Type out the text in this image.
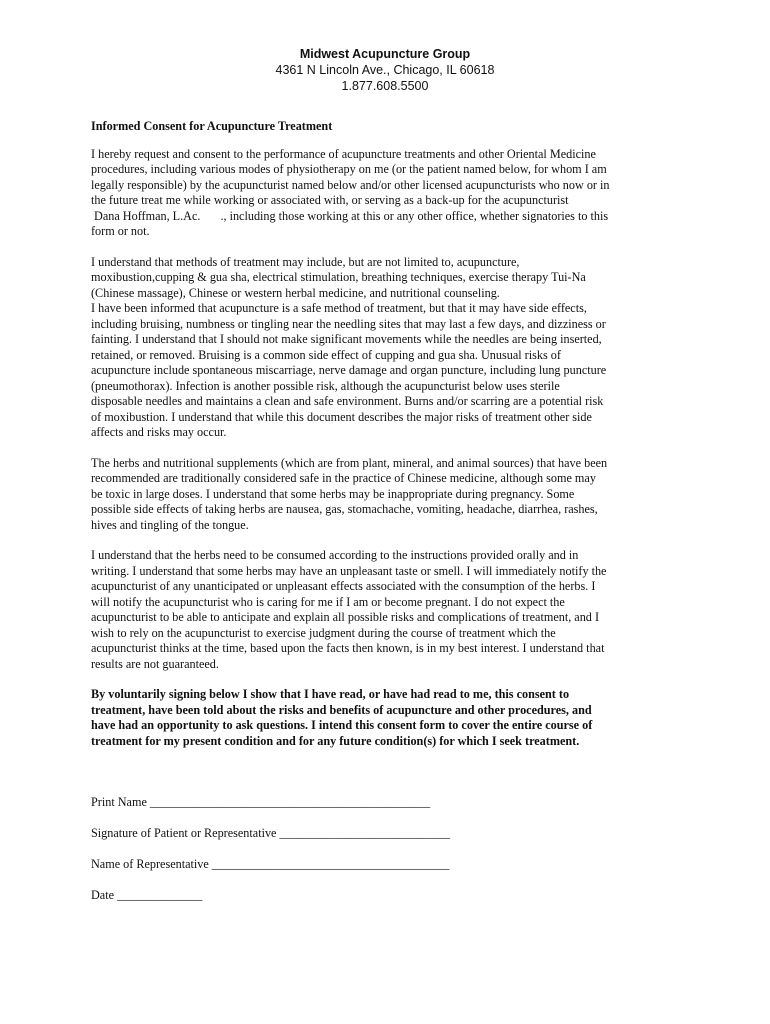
Midwest Acupuncture Group
4361 N Lincoln Ave., Chicago, IL 60618
1.877.608.5500
Informed Consent for Acupuncture Treatment
I hereby request and consent to the performance of acupuncture treatments and other Oriental Medicine
procedures, including various modes of physiotherapy on me (or the patient named below, for whom I am
legally responsible) by the acupuncturist named below and/or other licensed acupuncturists who now or in
the future treat me while working or associated with, or serving as a back-up for the acupuncturist
Dana Hoffman, L.Ac. ., including those working at this or any other office, whether signatories to this
form or not.
I understand that methods of treatment may include, but are not limited to, acupuncture,
moxibustion,cupping & gua sha, electrical stimulation, breathing techniques, exercise therapy Tui-Na
(Chinese massage), Chinese or western herbal medicine, and nutritional counseling.
I have been informed that acupuncture is a safe method of treatment, but that it may have side effects,
including bruising, numbness or tingling near the needling sites that may last a few days, and dizziness or
fainting. I understand that I should not make significant movements while the needles are being inserted,
retained, or removed. Bruising is a common side effect of cupping and gua sha. Unusual risks of
acupuncture include spontaneous miscarriage, nerve damage and organ puncture, including lung puncture
(pneumothorax). Infection is another possible risk, although the acupuncturist below uses sterile
disposable needles and maintains a clean and safe environment. Burns and/or scarring are a potential risk
of moxibustion. I understand that while this document describes the major risks of treatment other side
affects and risks may occur.
The herbs and nutritional supplements (which are from plant, mineral, and animal sources) that have been
recommended are traditionally considered safe in the practice of Chinese medicine, although some may
be toxic in large doses. I understand that some herbs may be inappropriate during pregnancy. Some
possible side effects of taking herbs are nausea, gas, stomachache, vomiting, headache, diarrhea, rashes,
hives and tingling of the tongue.
I understand that the herbs need to be consumed according to the instructions provided orally and in
writing. I understand that some herbs may have an unpleasant taste or smell. I will immediately notify the
acupuncturist of any unanticipated or unpleasant effects associated with the consumption of the herbs. I
will notify the acupuncturist who is caring for me if I am or become pregnant. I do not expect the
acupuncturist to be able to anticipate and explain all possible risks and complications of treatment, and I
wish to rely on the acupuncturist to exercise judgment during the course of treatment which the
acupuncturist thinks at the time, based upon the facts then known, is in my best interest. I understand that
results are not guaranteed.
By voluntarily signing below I show that I have read, or have had read to me, this consent to
treatment, have been told about the risks and benefits of acupuncture and other procedures, and
have had an opportunity to ask questions. I intend this consent form to cover the entire course of
treatment for my present condition and for any future condition(s) for which I seek treatment.
Print Name ______________________________________________
Signature of Patient or Representative ____________________________
Name of Representative _______________________________________
Date ______________
